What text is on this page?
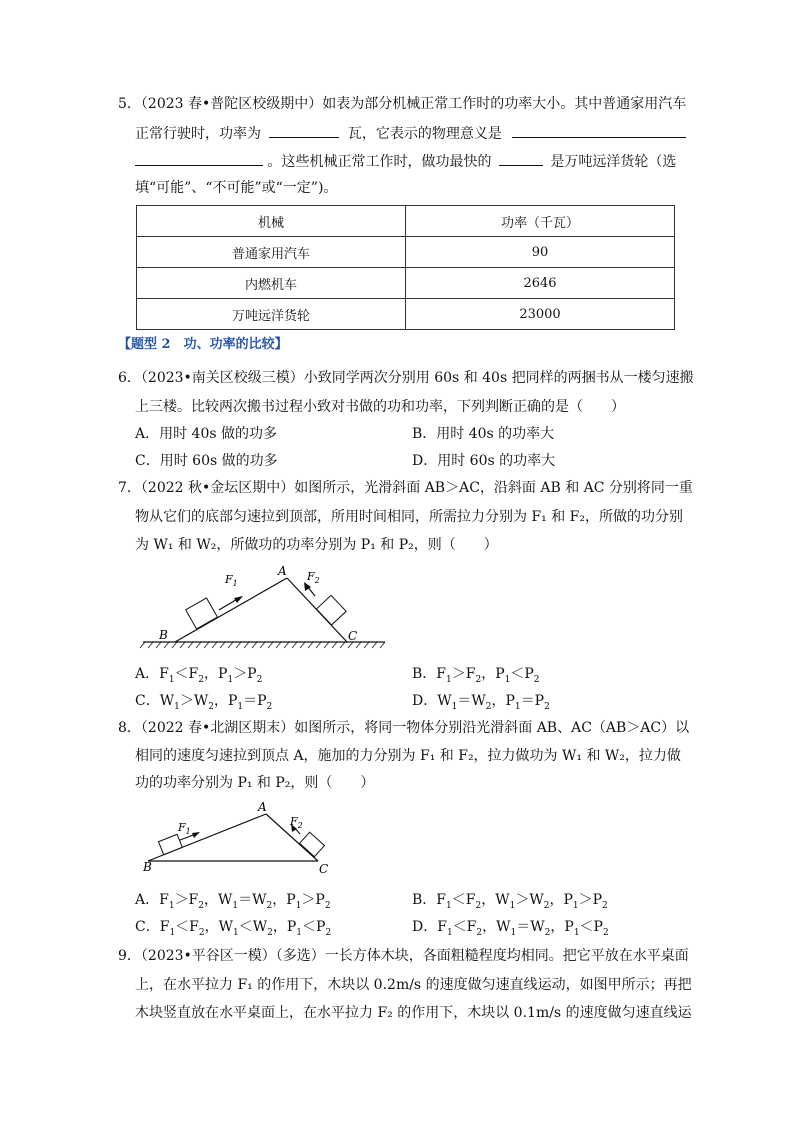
5．（2023 春•普陀区校级期中）如表为部分机械正常工作时的功率大小。其中普通家用汽车
正常行驶时，功率为	瓦，它表示的物理意义是
。这些机械正常工作时，做功最快的	是万吨远洋货轮（选
填“可能”、“不可能”或“一定”)。
机械	功率（千瓦）
普通家用汽车	90
内燃机车	2646
万吨远洋货轮	23000
【题型 2　功、功率的比较】
6．（2023•南关区校级三模）小致同学两次分别用 60s 和 40s 把同样的两捆书从一楼匀速搬
上三楼。比较两次搬书过程小致对书做的功和功率，下列判断正确的是（　　）
A．用时 40s 做的功多	B．用时 40s 的功率大
C．用时 60s 做的功多	D．用时 60s 的功率大
7．（2022 秋•金坛区期中）如图所示，光滑斜面 AB＞AC，沿斜面 AB 和 AC 分别将同一重
物从它们的底部匀速拉到顶部，所用时间相同，所需拉力分别为 F₁ 和 F₂，所做的功分别
为 W₁ 和 W₂，所做功的功率分别为 P₁ 和 P₂，则（　　）
A
B	C
$F_1$
$F_2$
A．$F_1<F_2$，$P_1>P_2$	B．$F_1>F_2$，$P_1<P_2$
C．$W_1>W_2$，$P_1=P_2$	D．$W_1=W_2$，$P_1=P_2$
8．（2022 春•北湖区期末）如图所示，将同一物体分别沿光滑斜面 AB、AC（AB＞AC）以
相同的速度匀速拉到顶点 A，施加的力分别为 F₁ 和 F₂，拉力做功为 W₁ 和 W₂，拉力做
功的功率分别为 P₁ 和 P₂，则（　　）
A
B	C
$F_1$
$F_2$
A．$F_1>F_2$，$W_1=W_2$，$P_1>P_2$	B．$F_1<F_2$，$W_1>W_2$，$P_1>P_2$
C．$F_1<F_2$，$W_1<W_2$，$P_1<P_2$	D．$F_1<F_2$，$W_1=W_2$，$P_1<P_2$
9．（2023•平谷区一模）（多选）一长方体木块，各面粗糙程度均相同。把它平放在水平桌面
上，在水平拉力 F₁ 的作用下，木块以 0.2m/s 的速度做匀速直线运动，如图甲所示；再把
木块竖直放在水平桌面上，在水平拉力 F₂ 的作用下，木块以 0.1m/s 的速度做匀速直线运
